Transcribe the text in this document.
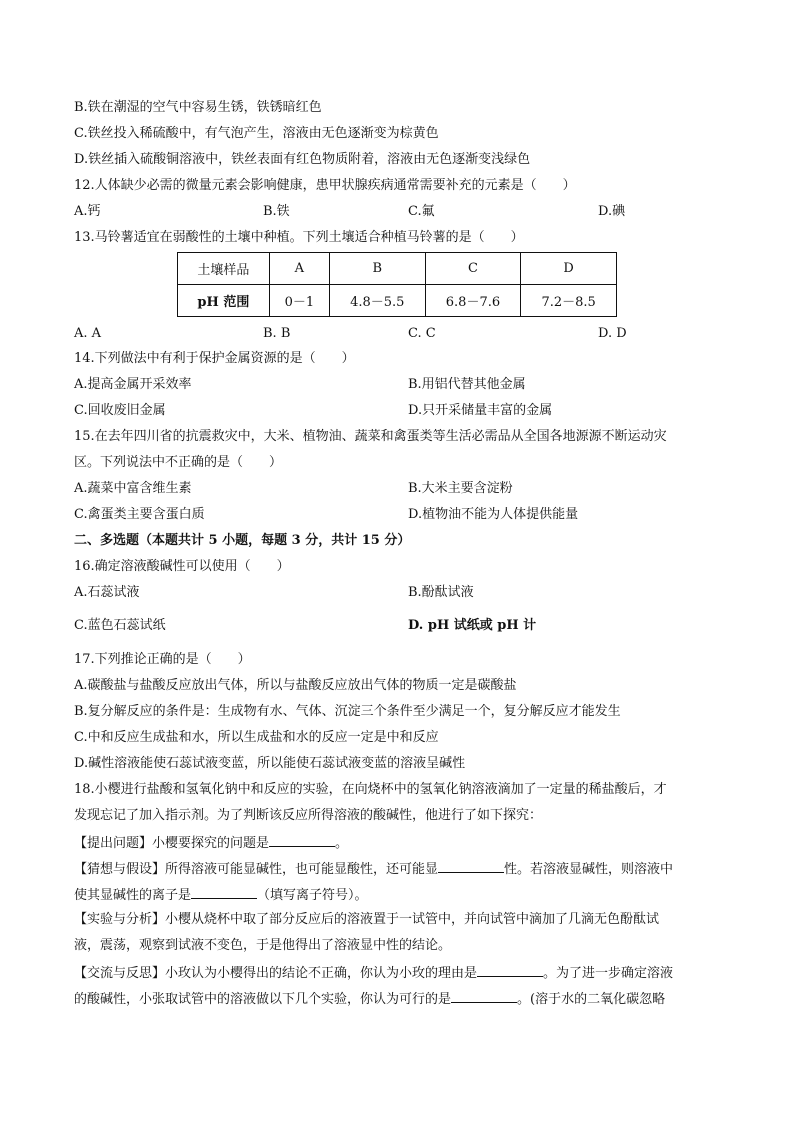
B.铁在潮湿的空气中容易生锈，铁锈暗红色
C.铁丝投入稀硫酸中，有气泡产生，溶液由无色逐渐变为棕黄色
D.铁丝插入硫酸铜溶液中，铁丝表面有红色物质附着，溶液由无色逐渐变浅绿色
12.人体缺少必需的微量元素会影响健康，患甲状腺疾病通常需要补充的元素是（　　）
A.钙	B.铁	C.氟	D.碘
13.马铃薯适宜在弱酸性的土壤中种植。下列土壤适合种植马铃薯的是（　　）
土壤样品	A	B	C	D
pH 范围	0－1	4.8－5.5	6.8－7.6	7.2－8.5
A. A	B. B	C. C	D. D
14.下列做法中有利于保护金属资源的是（　　）
A.提高金属开采效率	B.用铝代替其他金属
C.回收废旧金属	D.只开采储量丰富的金属
15.在去年四川省的抗震救灾中，大米、植物油、蔬菜和禽蛋类等生活必需品从全国各地源源不断运动灾
区。下列说法中不正确的是（　　）
A.蔬菜中富含维生素	B.大米主要含淀粉
C.禽蛋类主要含蛋白质	D.植物油不能为人体提供能量
二、多选题（本题共计 5 小题，每题 3 分，共计 15 分）
16.确定溶液酸碱性可以使用（　　）
A.石蕊试液	B.酚酞试液
C.蓝色石蕊试纸	D. pH 试纸或 pH 计
17.下列推论正确的是（　　）
A.碳酸盐与盐酸反应放出气体，所以与盐酸反应放出气体的物质一定是碳酸盐
B.复分解反应的条件是：生成物有水、气体、沉淀三个条件至少满足一个，复分解反应才能发生
C.中和反应生成盐和水，所以生成盐和水的反应一定是中和反应
D.碱性溶液能使石蕊试液变蓝，所以能使石蕊试液变蓝的溶液呈碱性
18.小樱进行盐酸和氢氧化钠中和反应的实验，在向烧杯中的氢氧化钠溶液滴加了一定量的稀盐酸后，才
发现忘记了加入指示剂。为了判断该反应所得溶液的酸碱性，他进行了如下探究：
【提出问题】小樱要探究的问题是	。
【猜想与假设】所得溶液可能显碱性，也可能显酸性，还可能显	性。若溶液显碱性，则溶液中
使其显碱性的离子是	（填写离子符号）。
【实验与分析】小樱从烧杯中取了部分反应后的溶液置于一试管中，并向试管中滴加了几滴无色酚酞试
液，震荡，观察到试液不变色，于是他得出了溶液显中性的结论。
【交流与反思】小玫认为小樱得出的结论不正确，你认为小玫的理由是	。为了进一步确定溶液
的酸碱性，小张取试管中的溶液做以下几个实验，你认为可行的是	。(溶于水的二氧化碳忽略
